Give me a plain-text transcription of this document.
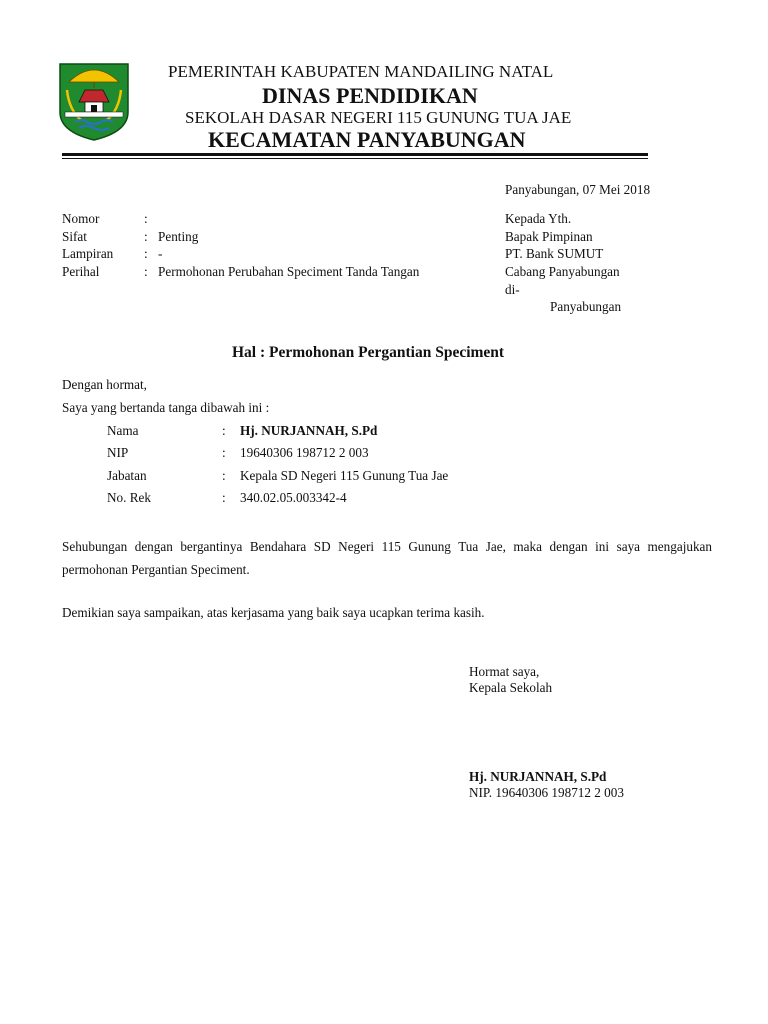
PEMERINTAH KABUPATEN MANDAILING NATAL
DINAS PENDIDIKAN
SEKOLAH DASAR NEGERI 115 GUNUNG TUA JAE
KECAMATAN PANYABUNGAN
Panyabungan, 07 Mei 2018
Nomor	:
Sifat	: Penting
Lampiran : -
Perihal	: Permohonan Perubahan Speciment Tanda Tangan
Kepada Yth.
Bapak Pimpinan
PT. Bank SUMUT
Cabang Panyabungan
di-
Panyabungan
Hal : Permohonan Pergantian Speciment
Dengan hormat,
Saya yang bertanda tanga dibawah ini :
Nama	: Hj. NURJANNAH, S.Pd
NIP	: 19640306 198712 2 003
Jabatan	: Kepala SD Negeri 115 Gunung Tua Jae
No. Rek	: 340.02.05.003342-4
Sehubungan dengan bergantinya Bendahara SD Negeri 115 Gunung Tua Jae, maka dengan ini saya mengajukan permohonan Pergantian Speciment.
Demikian saya sampaikan, atas kerjasama yang baik saya ucapkan terima kasih.
Hormat saya,
Kepala Sekolah
Hj. NURJANNAH, S.Pd
NIP. 19640306 198712 2 003
